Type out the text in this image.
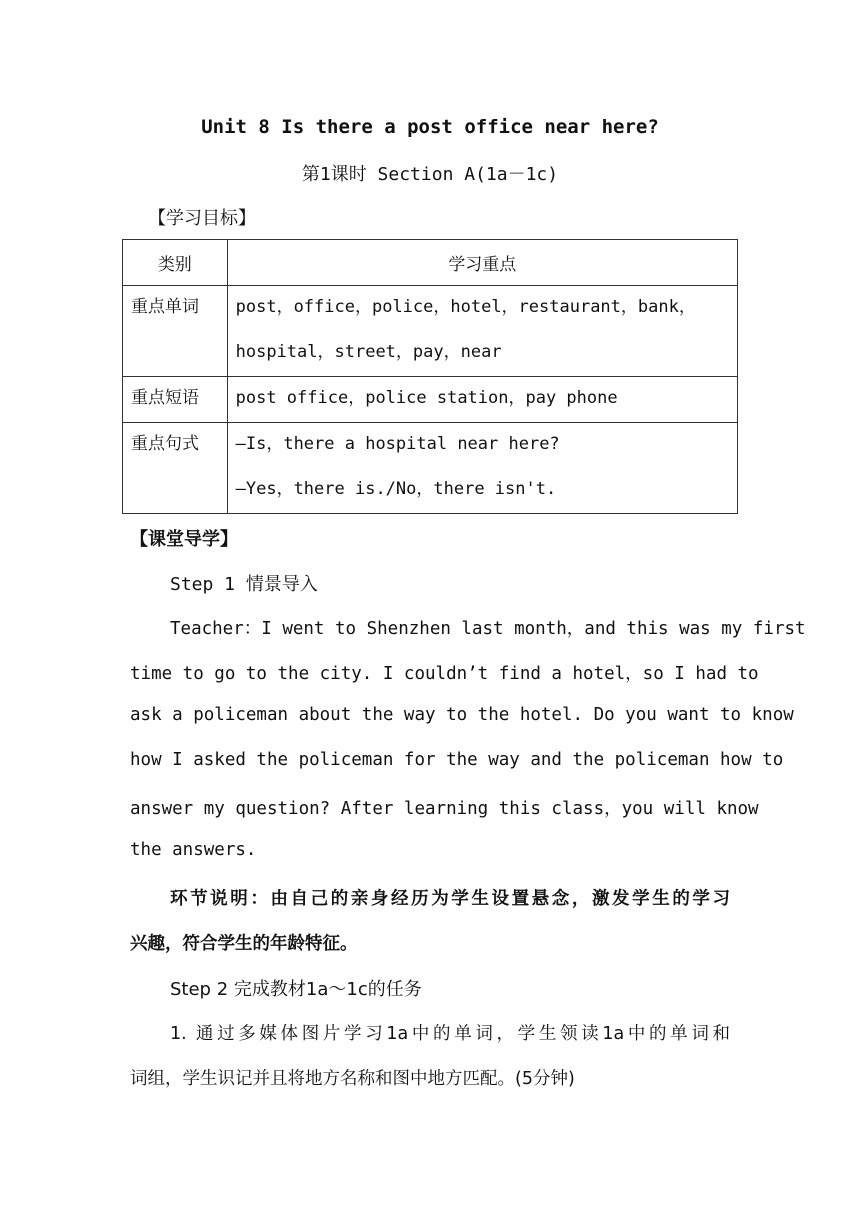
Unit 8 Is there a post office near here?
第1课时 Section A(1a－1c)
【学习目标】
类别	学习重点

重点单词	post，office，police，hotel，restaurant，bank，
hospital，street，pay，near

重点短语	post office，police station，pay phone

重点句式	—Is，there a hospital near here?
—Yes，there is./No，there isn't.
【课堂导学】
Step 1 情景导入
Teacher：I went to Shenzhen last month，and this was my first
time to go to the city. I couldn’t find a hotel，so I had to
ask a policeman about the way to the hotel. Do you want to know
how I asked the policeman for the way and the policeman how to
answer my question? After learning this class，you will know
the answers.
环节说明：由自己的亲身经历为学生设置悬念，激发学生的学习
兴趣，符合学生的年龄特征。
Step 2 完成教材1a～1c的任务
1. 通过多媒体图片学习1a中的单词，学生领读1a中的单词和
词组，学生识记并且将地方名称和图中地方匹配。(5分钟)
